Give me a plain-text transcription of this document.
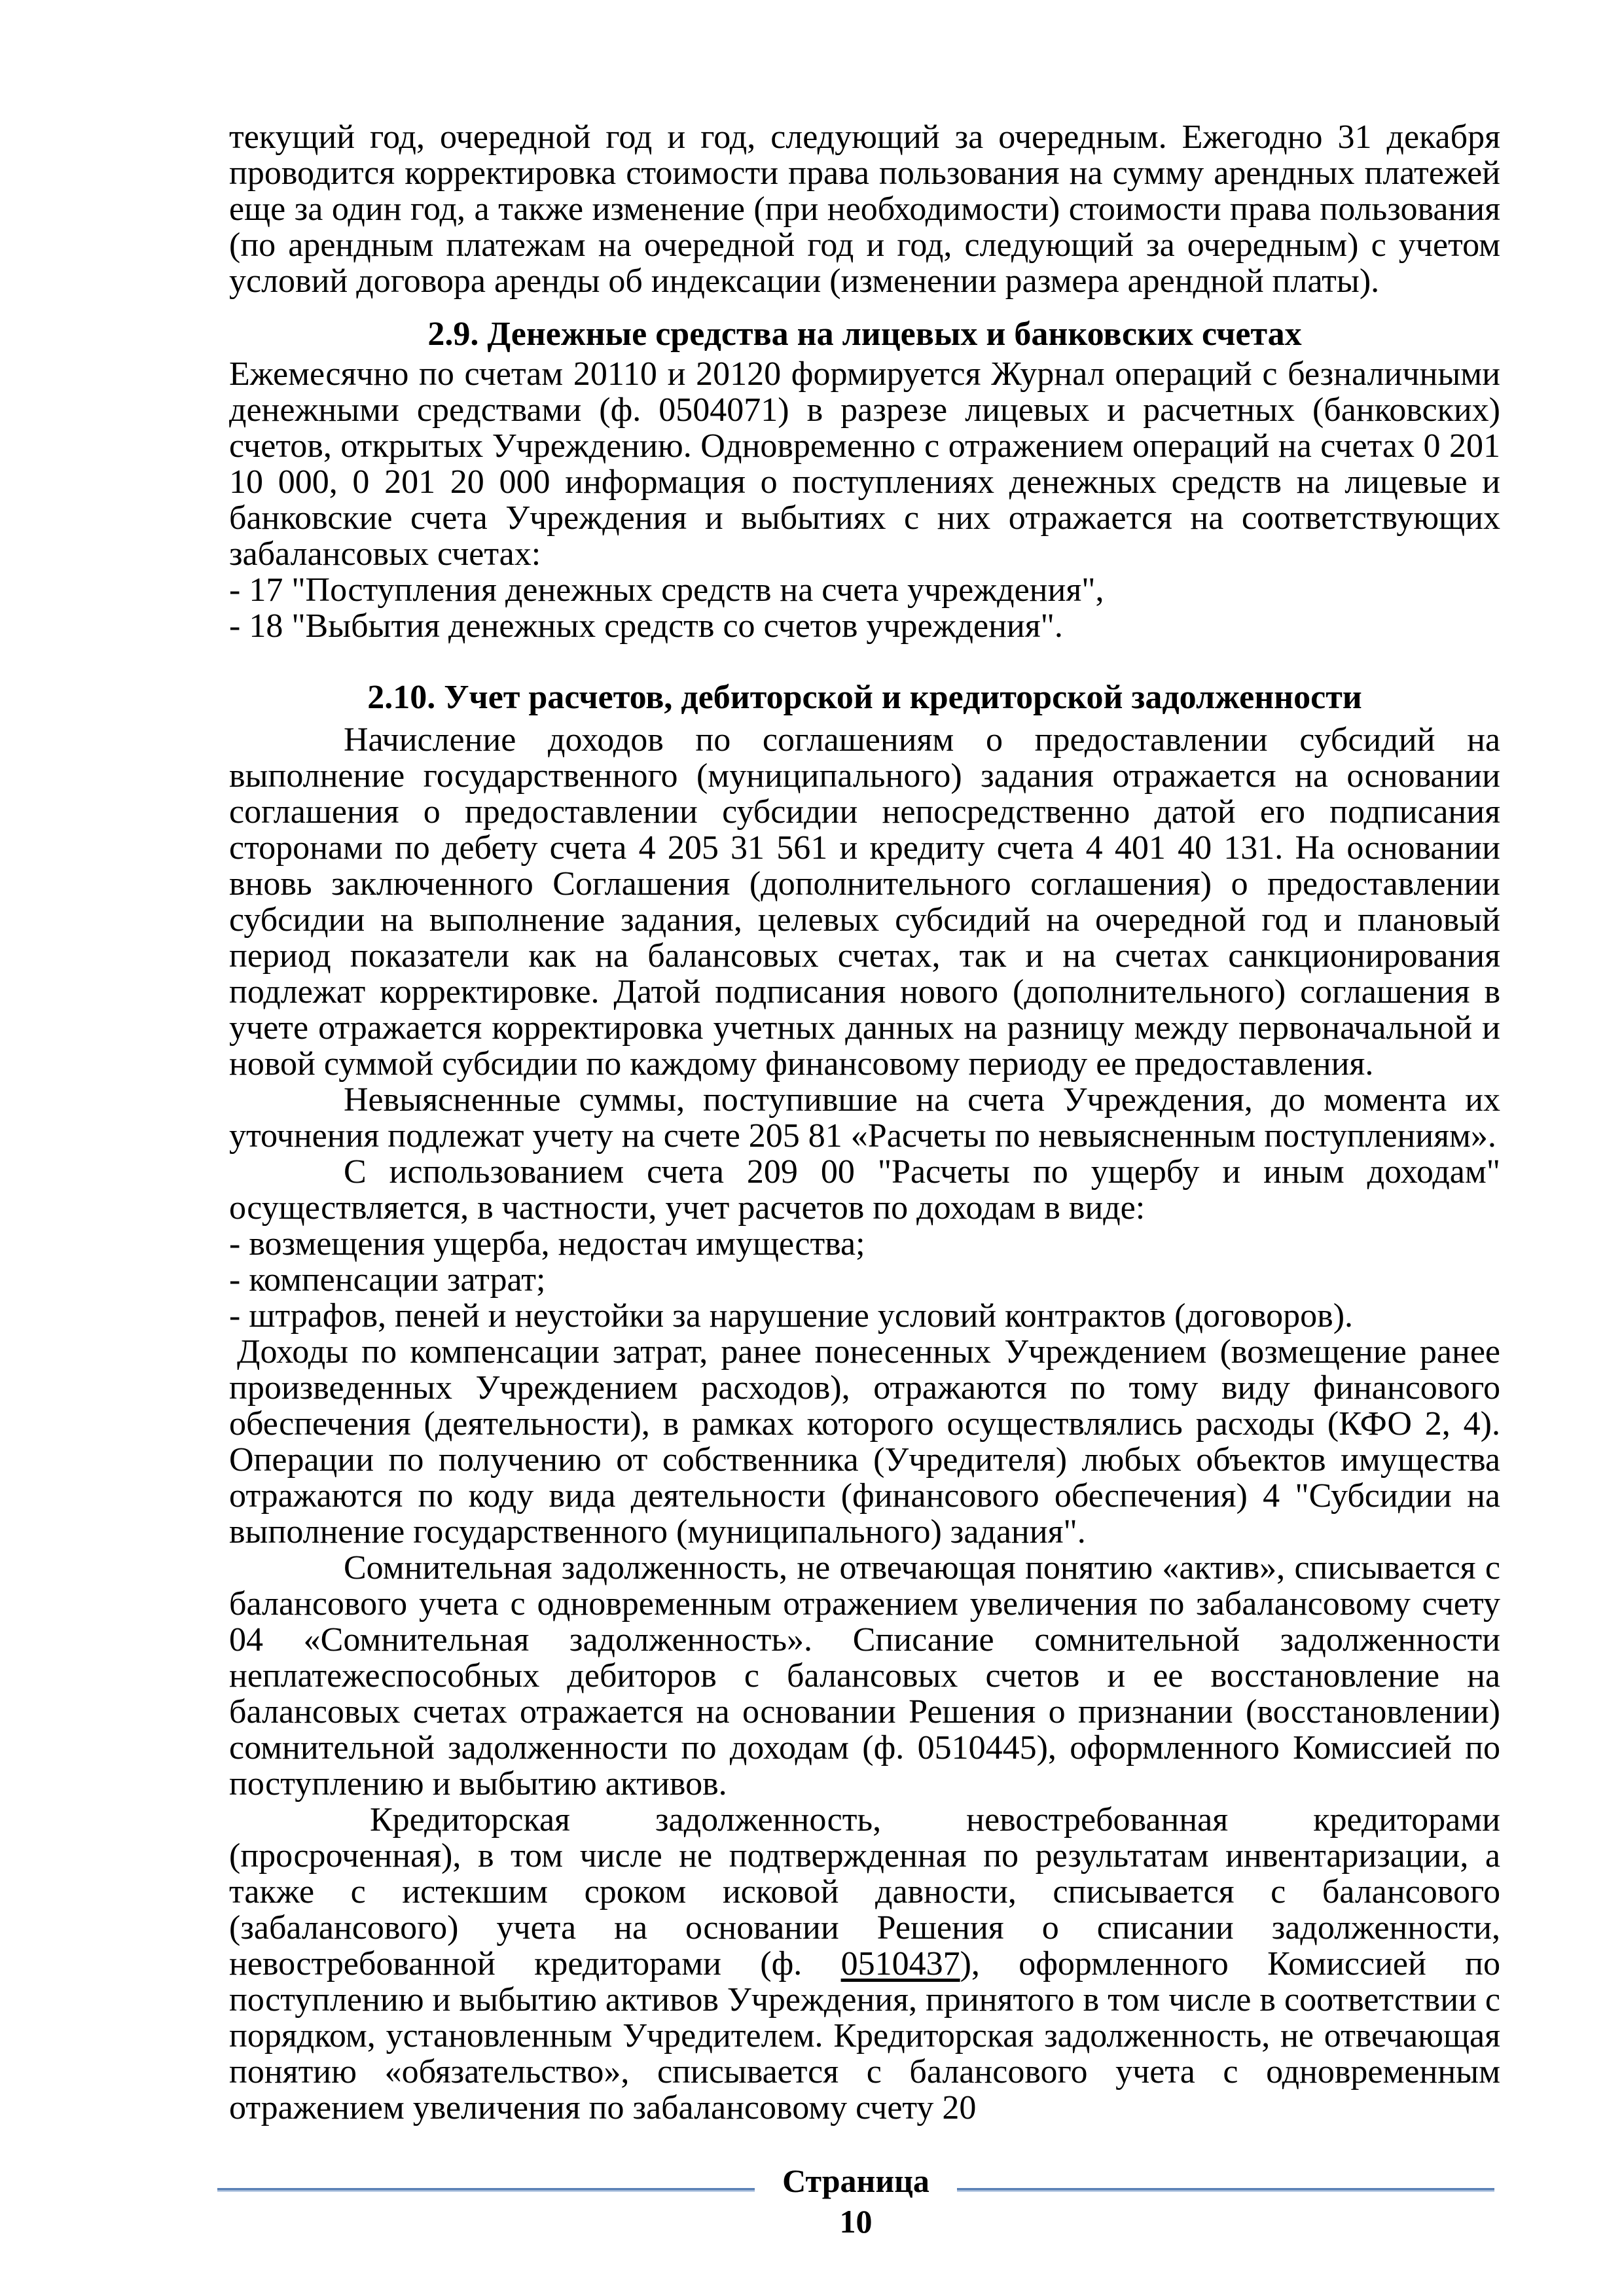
текущий год, очередной год и год, следующий за очередным. Ежегодно 31 декабря проводится корректировка стоимости права пользования на сумму арендных платежей еще за один год, а также изменение (при необходимости) стоимости права пользования (по арендным платежам на очередной год и год, следующий за очередным) с учетом условий договора аренды об индексации (изменении размера арендной платы).

2.9. Денежные средства на лицевых и банковских счетах

Ежемесячно по счетам 20110 и 20120 формируется Журнал операций с безналичными денежными средствами (ф. 0504071) в разрезе лицевых и расчетных (банковских) счетов, открытых Учреждению. Одновременно с отражением операций на счетах 0 201 10 000, 0 201 20 000 информация о поступлениях денежных средств на лицевые и банковские счета Учреждения и выбытиях с них отражается на соответствующих забалансовых счетах:

- 17 "Поступления денежных средств на счета учреждения",

- 18 "Выбытия денежных средств со счетов учреждения".

2.10. Учет расчетов, дебиторской и кредиторской задолженности

Начисление доходов по соглашениям о предоставлении субсидий на выполнение государственного (муниципального) задания отражается на основании соглашения о предоставлении субсидии непосредственно датой его подписания сторонами по дебету счета 4 205 31 561 и кредиту счета 4 401 40 131. На основании вновь заключенного Соглашения (дополнительного соглашения) о предоставлении субсидии на выполнение задания, целевых субсидий на очередной год и плановый период показатели как на балансовых счетах, так и на счетах санкционирования подлежат корректировке. Датой подписания нового (дополнительного) соглашения в учете отражается корректировка учетных данных на разницу между первоначальной и новой суммой субсидии по каждому финансовому периоду ее предоставления.

Невыясненные суммы, поступившие на счета Учреждения, до момента их уточнения подлежат учету на счете 205 81 «Расчеты по невыясненным поступлениям».

С использованием счета 209 00 "Расчеты по ущербу и иным доходам" осуществляется, в частности, учет расчетов по доходам в виде:

- возмещения ущерба, недостач имущества;

- компенсации затрат;

- штрафов, пеней и неустойки за нарушение условий контрактов (договоров).

Доходы по компенсации затрат, ранее понесенных Учреждением (возмещение ранее произведенных Учреждением расходов), отражаются по тому виду финансового обеспечения (деятельности), в рамках которого осуществлялись расходы (КФО 2, 4). Операции по получению от собственника (Учредителя) любых объектов имущества отражаются по коду вида деятельности (финансового обеспечения) 4 "Субсидии на выполнение государственного (муниципального) задания".

Сомнительная задолженность, не отвечающая понятию «актив», списывается с балансового учета с одновременным отражением увеличения по забалансовому счету 04 «Сомнительная задолженность». Списание сомнительной задолженности неплатежеспособных дебиторов с балансовых счетов и ее восстановление на балансовых счетах отражается на основании Решения о признании (восстановлении) сомнительной задолженности по доходам (ф. 0510445), оформленного Комиссией по поступлению и выбытию активов.

Кредиторская задолженность, невостребованная кредиторами (просроченная), в том числе не подтвержденная по результатам инвентаризации, а также с истекшим сроком исковой давности, списывается с балансового (забалансового) учета на основании Решения о списании задолженности, невостребованной кредиторами (ф. 0510437), оформленного Комиссией по поступлению и выбытию активов Учреждения, принятого в том числе в соответствии с порядком, установленным Учредителем. Кредиторская задолженность, не отвечающая понятию «обязательство», списывается с балансового учета с одновременным отражением увеличения по забалансовому счету 20

Страница
10
